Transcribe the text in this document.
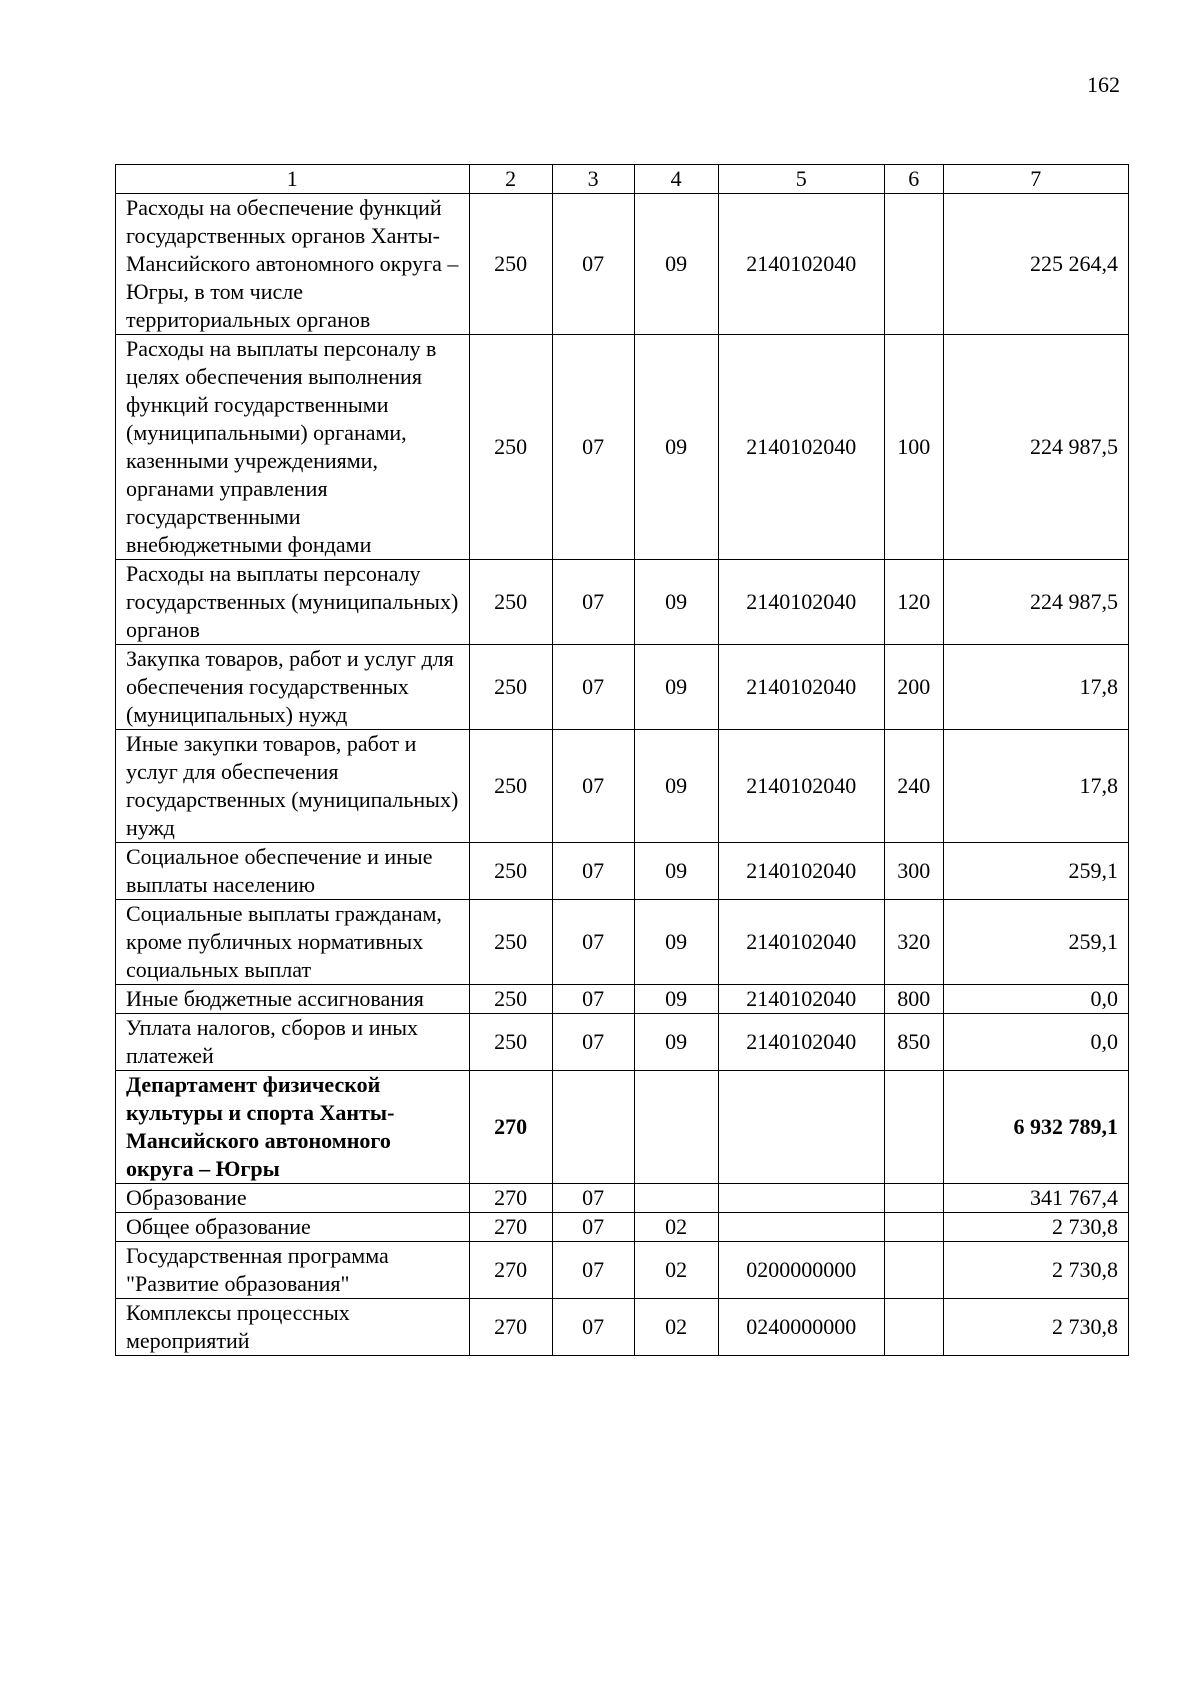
162
1	2	3	4	5	6	7
Расходы на обеспечение функций государственных органов Ханты-Мансийского автономного округа – Югры, в том числе территориальных органов	250	07	09	2140102040		225 264,4
Расходы на выплаты персоналу в целях обеспечения выполнения функций государственными (муниципальными) органами, казенными учреждениями, органами управления государственными внебюджетными фондами	250	07	09	2140102040	100	224 987,5
Расходы на выплаты персоналу государственных (муниципальных) органов	250	07	09	2140102040	120	224 987,5
Закупка товаров, работ и услуг для обеспечения государственных (муниципальных) нужд	250	07	09	2140102040	200	17,8
Иные закупки товаров, работ и услуг для обеспечения государственных (муниципальных) нужд	250	07	09	2140102040	240	17,8
Социальное обеспечение и иные выплаты населению	250	07	09	2140102040	300	259,1
Социальные выплаты гражданам, кроме публичных нормативных социальных выплат	250	07	09	2140102040	320	259,1
Иные бюджетные ассигнования	250	07	09	2140102040	800	0,0
Уплата налогов, сборов и иных платежей	250	07	09	2140102040	850	0,0
Департамент физической культуры и спорта Ханты-Мансийского автономного округа – Югры	270					6 932 789,1
Образование	270	07				341 767,4
Общее образование	270	07	02			2 730,8
Государственная программа "Развитие образования"	270	07	02	0200000000		2 730,8
Комплексы процессных мероприятий	270	07	02	0240000000		2 730,8
